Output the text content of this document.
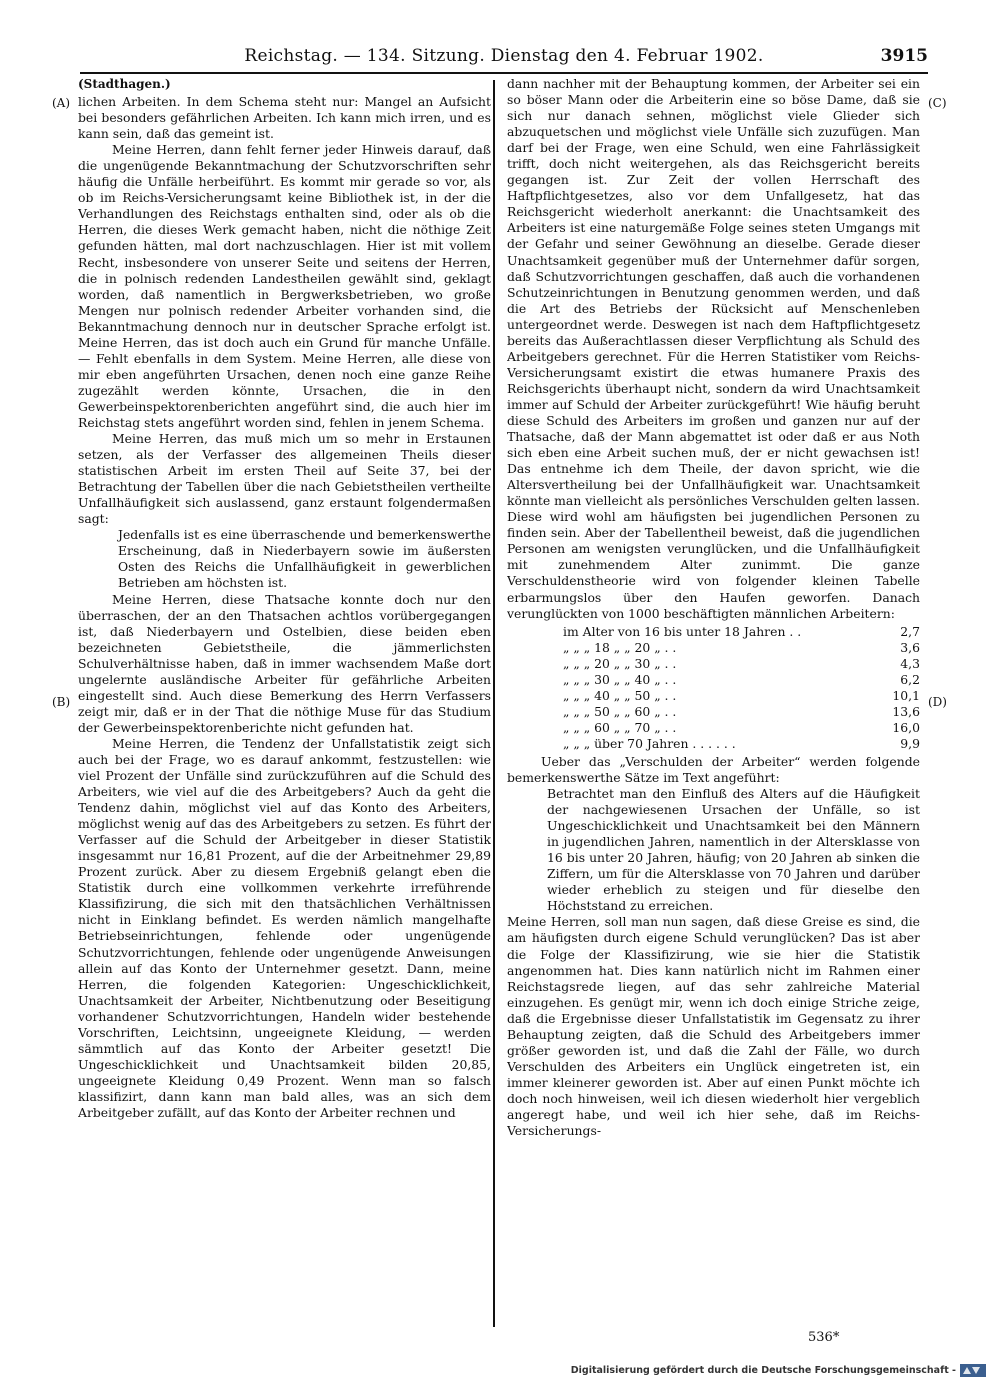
Reichstag. — 134. Sitzung. Dienstag den 4. Februar 1902.	3915
(A)
(B)
(C)
(D)
(Stadthagen.)

lichen Arbeiten. In dem Schema steht nur: Mangel an Aufsicht bei besonders gefährlichen Arbeiten. Ich kann mich irren, und es kann sein, daß das gemeint ist.

Meine Herren, dann fehlt ferner jeder Hinweis darauf, daß die ungenügende Bekanntmachung der Schutzvorschriften sehr häufig die Unfälle herbeiführt. Es kommt mir gerade so vor, als ob im Reichs-Versicherungsamt keine Bibliothek ist, in der die Verhandlungen des Reichstags enthalten sind, oder als ob die Herren, die dieses Werk gemacht haben, nicht die nöthige Zeit gefunden hätten, mal dort nachzuschlagen. Hier ist mit vollem Recht, insbesondere von unserer Seite und seitens der Herren, die in polnisch redenden Landestheilen gewählt sind, geklagt worden, daß namentlich in Bergwerksbetrieben, wo große Mengen nur polnisch redender Arbeiter vorhanden sind, die Bekanntmachung dennoch nur in deutscher Sprache erfolgt ist. Meine Herren, das ist doch auch ein Grund für manche Unfälle. — Fehlt ebenfalls in dem System. Meine Herren, alle diese von mir eben angeführten Ursachen, denen noch eine ganze Reihe zugezählt werden könnte, Ursachen, die in den Gewerbeinspektorenberichten angeführt sind, die auch hier im Reichstag stets angeführt worden sind, fehlen in jenem Schema.

Meine Herren, das muß mich um so mehr in Erstaunen setzen, als der Verfasser des allgemeinen Theils dieser statistischen Arbeit im ersten Theil auf Seite 37, bei der Betrachtung der Tabellen über die nach Gebietstheilen vertheilte Unfallhäufigkeit sich auslassend, ganz erstaunt folgendermaßen sagt:

Jedenfalls ist es eine überraschende und bemerkenswerthe Erscheinung, daß in Niederbayern sowie im äußersten Osten des Reichs die Unfallhäufigkeit in gewerblichen Betrieben am höchsten ist.

Meine Herren, diese Thatsache konnte doch nur den überraschen, der an den Thatsachen achtlos vorübergegangen ist, daß Niederbayern und Ostelbien, diese beiden eben bezeichneten Gebietstheile, die jämmerlichsten Schulverhältnisse haben, daß in immer wachsendem Maße dort ungelernte ausländische Arbeiter für gefährliche Arbeiten eingestellt sind. Auch diese Bemerkung des Herrn Verfassers zeigt mir, daß er in der That die nöthige Muse für das Studium der Gewerbeinspektorenberichte nicht gefunden hat.

Meine Herren, die Tendenz der Unfallstatistik zeigt sich auch bei der Frage, wo es darauf ankommt, festzustellen: wie viel Prozent der Unfälle sind zurückzuführen auf die Schuld des Arbeiters, wie viel auf die des Arbeitgebers? Auch da geht die Tendenz dahin, möglichst viel auf das Konto des Arbeiters, möglichst wenig auf das des Arbeitgebers zu setzen. Es führt der Verfasser auf die Schuld der Arbeitgeber in dieser Statistik insgesammt nur 16,81 Prozent, auf die der Arbeitnehmer 29,89 Prozent zurück. Aber zu diesem Ergebniß gelangt eben die Statistik durch eine vollkommen verkehrte irreführende Klassifizirung, die sich mit den thatsächlichen Verhältnissen nicht in Einklang befindet. Es werden nämlich mangelhafte Betriebseinrichtungen, fehlende oder ungenügende Schutzvorrichtungen, fehlende oder ungenügende Anweisungen allein auf das Konto der Unternehmer gesetzt. Dann, meine Herren, die folgenden Kategorien: Ungeschicklichkeit, Unachtsamkeit der Arbeiter, Nichtbenutzung oder Beseitigung vorhandener Schutzvorrichtungen, Handeln wider bestehende Vorschriften, Leichtsinn, ungeeignete Kleidung, — werden sämmtlich auf das Konto der Arbeiter gesetzt! Die Ungeschicklichkeit und Unachtsamkeit bilden 20,85, ungeeignete Kleidung 0,49 Prozent. Wenn man so falsch klassifizirt, dann kann man bald alles, was an sich dem Arbeitgeber zufällt, auf das Konto der Arbeiter rechnen und

dann nachher mit der Behauptung kommen, der Arbeiter sei ein so böser Mann oder die Arbeiterin eine so böse Dame, daß sie sich nur danach sehnen, möglichst viele Glieder sich abzuquetschen und möglichst viele Unfälle sich zuzufügen. Man darf bei der Frage, wen eine Schuld, wen eine Fahrlässigkeit trifft, doch nicht weitergehen, als das Reichsgericht bereits gegangen ist. Zur Zeit der vollen Herrschaft des Haftpflichtgesetzes, also vor dem Unfallgesetz, hat das Reichsgericht wiederholt anerkannt: die Unachtsamkeit des Arbeiters ist eine naturgemäße Folge seines steten Umgangs mit der Gefahr und seiner Gewöhnung an dieselbe. Gerade dieser Unachtsamkeit gegenüber muß der Unternehmer dafür sorgen, daß Schutzvorrichtungen geschaffen, daß auch die vorhandenen Schutzeinrichtungen in Benutzung genommen werden, und daß die Art des Betriebs der Rücksicht auf Menschenleben untergeordnet werde. Deswegen ist nach dem Haftpflichtgesetz bereits das Außerachtlassen dieser Verpflichtung als Schuld des Arbeitgebers gerechnet. Für die Herren Statistiker vom Reichs-Versicherungsamt existirt die etwas humanere Praxis des Reichsgerichts überhaupt nicht, sondern da wird Unachtsamkeit immer auf Schuld der Arbeiter zurückgeführt! Wie häufig beruht diese Schuld des Arbeiters im großen und ganzen nur auf der Thatsache, daß der Mann abgemattet ist oder daß er aus Noth sich eben eine Arbeit suchen muß, der er nicht gewachsen ist! Das entnehme ich dem Theile, der davon spricht, wie die Altersvertheilung bei der Unfallhäufigkeit war. Unachtsamkeit könnte man vielleicht als persönliches Verschulden gelten lassen. Diese wird wohl am häufigsten bei jugendlichen Personen zu finden sein. Aber der Tabellentheil beweist, daß die jugendlichen Personen am wenigsten verunglücken, und die Unfallhäufigkeit mit zunehmendem Alter zunimmt. Die ganze Verschuldenstheorie wird von folgender kleinen Tabelle erbarmungslos über den Haufen geworfen. Danach verunglückten von 1000 beschäftigten männlichen Arbeitern:

im Alter von 16 bis unter 18 Jahren . .	2,7
„ „ „ 18 „ „ 20 „ . .	3,6
„ „ „ 20 „ „ 30 „ . .	4,3
„ „ „ 30 „ „ 40 „ . .	6,2
„ „ „ 40 „ „ 50 „ . .	10,1
„ „ „ 50 „ „ 60 „ . .	13,6
„ „ „ 60 „ „ 70 „ . .	16,0
„ „ „ über 70 Jahren . . . . . .	9,9

Ueber das „Verschulden der Arbeiter“ werden folgende bemerkenswerthe Sätze im Text angeführt:

Betrachtet man den Einfluß des Alters auf die Häufigkeit der nachgewiesenen Ursachen der Unfälle, so ist Ungeschicklichkeit und Unachtsamkeit bei den Männern in jugendlichen Jahren, namentlich in der Altersklasse von 16 bis unter 20 Jahren, häufig; von 20 Jahren ab sinken die Ziffern, um für die Altersklasse von 70 Jahren und darüber wieder erheblich zu steigen und für dieselbe den Höchststand zu erreichen.

Meine Herren, soll man nun sagen, daß diese Greise es sind, die am häufigsten durch eigene Schuld verunglücken? Das ist aber die Folge der Klassifizirung, wie sie hier die Statistik angenommen hat. Dies kann natürlich nicht im Rahmen einer Reichstagsrede liegen, auf das sehr zahlreiche Material einzugehen. Es genügt mir, wenn ich doch einige Striche zeige, daß die Ergebnisse dieser Unfallstatistik im Gegensatz zu ihrer Behauptung zeigten, daß die Schuld des Arbeitgebers immer größer geworden ist, und daß die Zahl der Fälle, wo durch Verschulden des Arbeiters ein Unglück eingetreten ist, ein immer kleinerer geworden ist. Aber auf einen Punkt möchte ich doch noch hinweisen, weil ich diesen wiederholt hier vergeblich angeregt habe, und weil ich hier sehe, daß im Reichs-Versicherungs-

536*
Digitalisierung gefördert durch die Deutsche Forschungsgemeinschaft -
